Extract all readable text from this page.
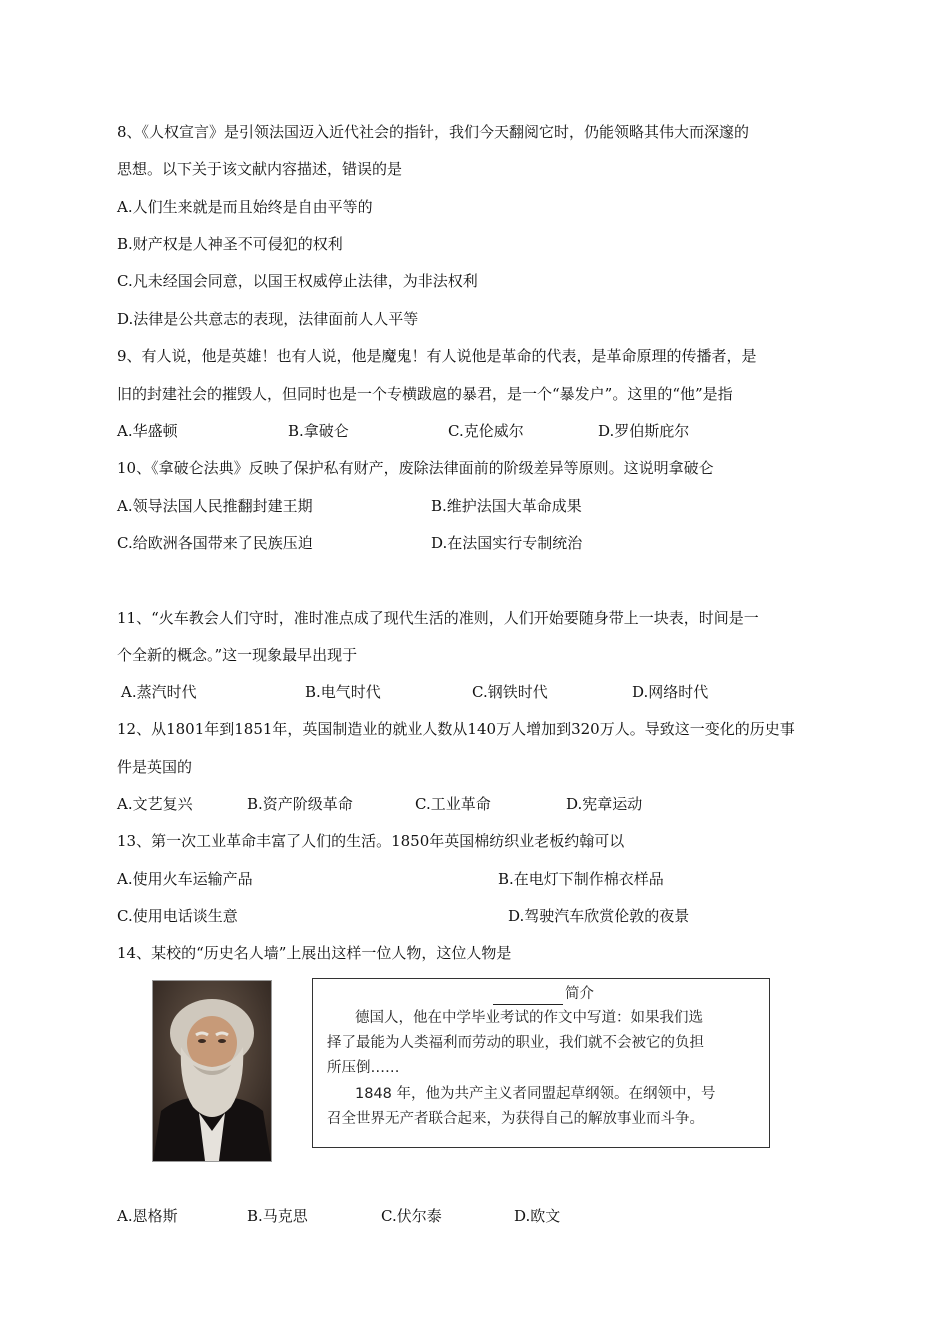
8、《人权宣言》是引领法国迈入近代社会的指针，我们今天翻阅它时，仍能领略其伟大而深邃的
思想。以下关于该文献内容描述，错误的是
A.人们生来就是而且始终是自由平等的
B.财产权是人神圣不可侵犯的权利
C.凡未经国会同意，以国王权威停止法律，为非法权利
D.法律是公共意志的表现，法律面前人人平等
9、有人说，他是英雄！也有人说，他是魔鬼！有人说他是革命的代表，是革命原理的传播者，是
旧的封建社会的摧毁人，但同时也是一个专横跋扈的暴君，是一个“暴发户”。这里的“他”是指
A.华盛顿	B.拿破仑	C.克伦威尔	D.罗伯斯庇尔
10、《拿破仑法典》反映了保护私有财产，废除法律面前的阶级差异等原则。这说明拿破仑
A.领导法国人民推翻封建王期	B.维护法国大革命成果
C.给欧洲各国带来了民族压迫	D.在法国实行专制统治
11、“火车教会人们守时，准时准点成了现代生活的准则，人们开始要随身带上一块表，时间是一
个全新的概念。”这一现象最早出现于
A.蒸汽时代	B.电气时代	C.钢铁时代	D.网络时代
12、从1801年到1851年，英国制造业的就业人数从140万人增加到320万人。导致这一变化的历史事
件是英国的
A.文艺复兴	B.资产阶级革命	C.工业革命	D.宪章运动
13、第一次工业革命丰富了人们的生活。1850年英国棉纺织业老板约翰可以
A.使用火车运输产品	B.在电灯下制作棉衣样品
C.使用电话谈生意	D.驾驶汽车欣赏伦敦的夜景
14、某校的“历史名人墙”上展出这样一位人物，这位人物是
简介
德国人，他在中学毕业考试的作文中写道：如果我们选
择了最能为人类福利而劳动的职业，我们就不会被它的负担
所压倒……
1848 年，他为共产主义者同盟起草纲领。在纲领中，号
召全世界无产者联合起来，为获得自己的解放事业而斗争。
A.恩格斯	B.马克思	C.伏尔泰	D.欧文
